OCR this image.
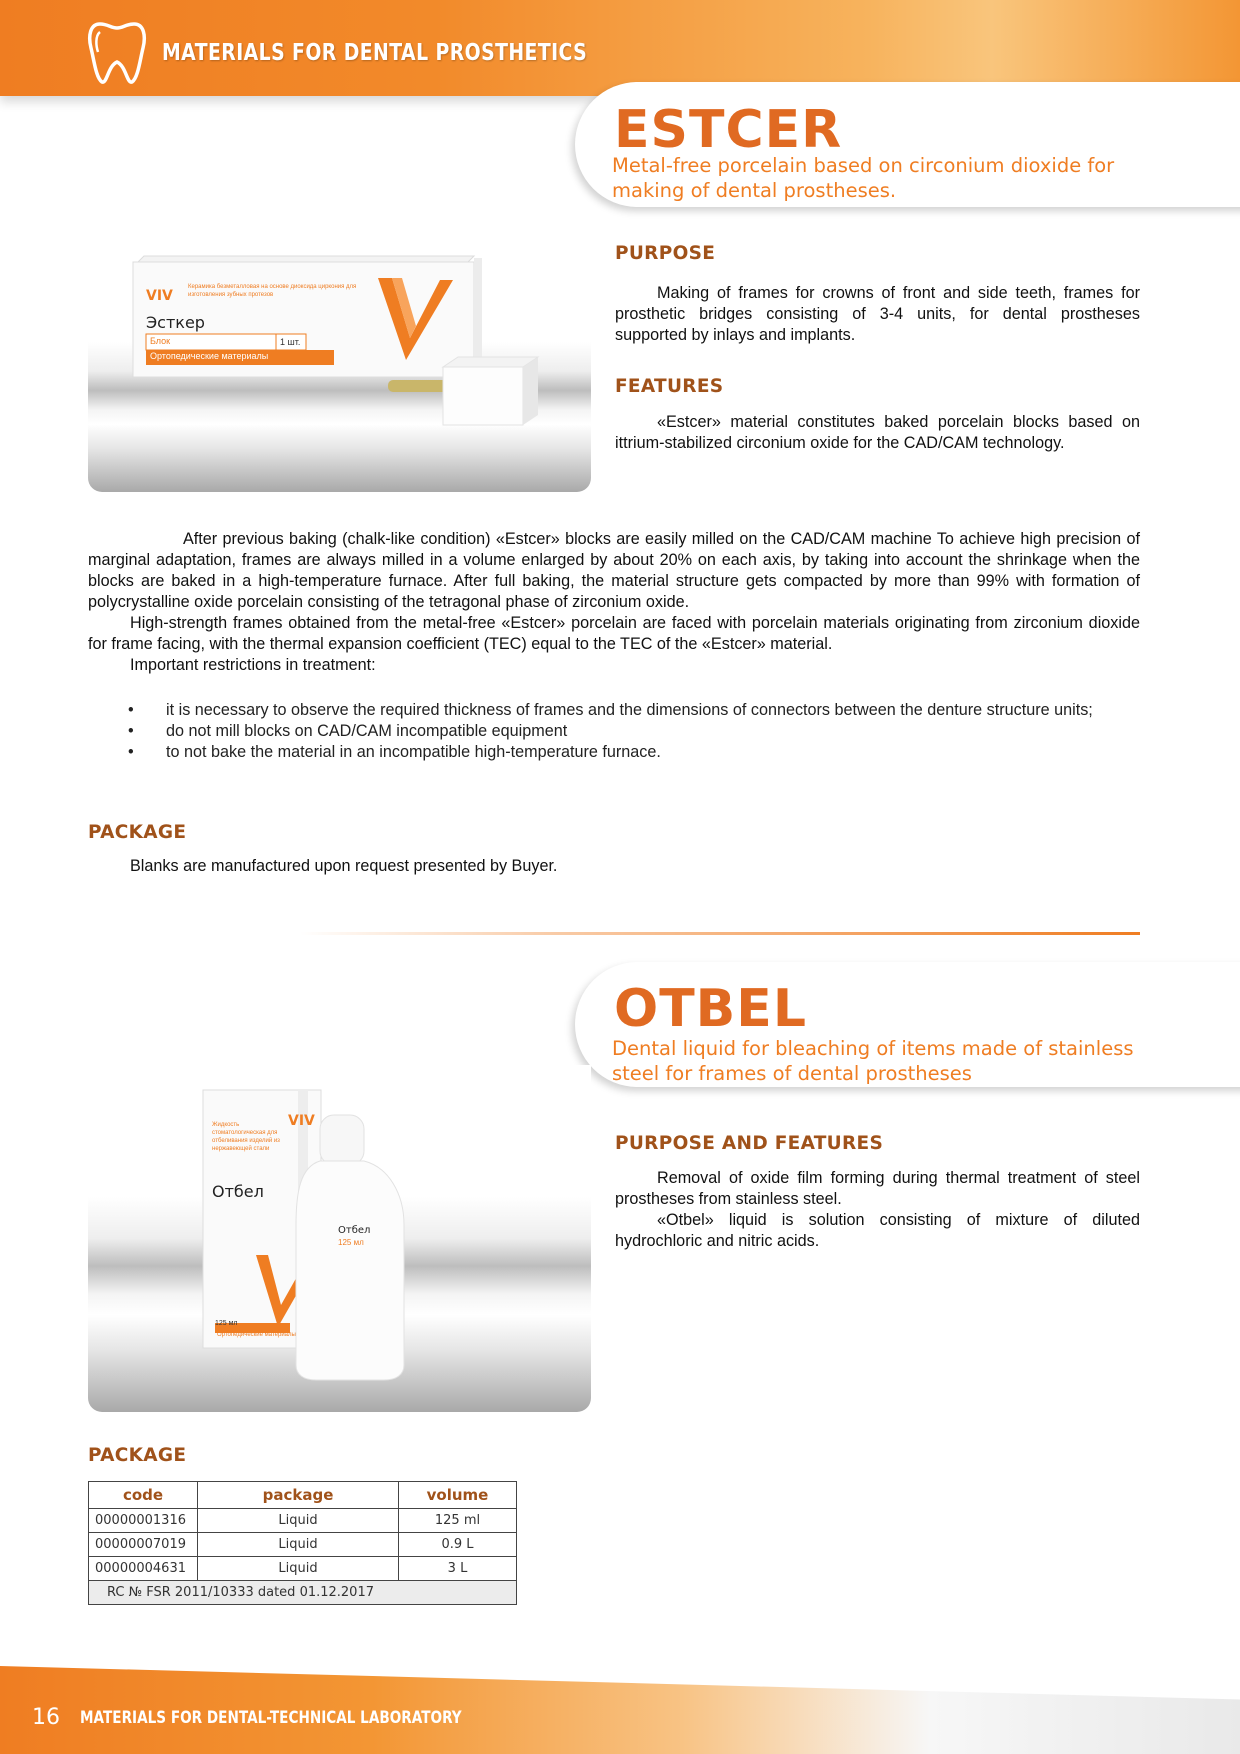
MATERIALS FOR DENTAL PROSTHETICS
ESTCER
Metal-free porcelain based on circonium dioxide for making of dental prostheses.
VIV
Керамика безметалловая на основе диоксида циркония для изготовления зубных протезов
Эсткер
Блок	1 шт.
Ортопедические материалы
PURPOSE

Making of frames for crowns of front and side teeth, frames for prosthetic bridges consisting of 3-4 units, for dental prostheses supported by inlays and implants.

FEATURES

«Estcer» material constitutes baked porcelain blocks based on ittrium-stabilized circonium oxide for the CAD/CAM technology.

After previous baking (chalk-like condition) «Estcer» blocks are easily milled on the CAD/CAM machine To achieve high precision of marginal adaptation, frames are always milled in a volume enlarged by about 20% on each axis, by taking into account the shrinkage when the blocks are baked in a high-temperature furnace. After full baking, the material structure gets compacted by more than 99% with formation of polycrystalline oxide porcelain consisting of the tetragonal phase of zirconium oxide.

High-strength frames obtained from the metal-free «Estcer» porcelain are faced with porcelain materials originating from zirconium dioxide for frame facing, with the thermal expansion coefficient (TEC) equal to the TEC of the «Estcer» material.

Important restrictions in treatment:

• it is necessary to observe the required thickness of frames and the dimensions of connectors between the denture structure units;
• do not mill blocks on CAD/CAM incompatible equipment
• to not bake the material in an incompatible high-temperature furnace.
PACKAGE

Blanks are manufactured upon request presented by Buyer.

OTBEL
Dental liquid for bleaching of items made of stainless steel for frames of dental prostheses
VIV
Жидкость стоматологическая для отбеливания изделий из нержавеющей стали
Отбел
125 мл
Ортопедические материалы
Отбел
125 мл
PURPOSE AND FEATURES

Removal of oxide film forming during thermal treatment of steel prostheses from stainless steel.

«Otbel» liquid is solution consisting of mixture of diluted hydrochloric and nitric acids.

PACKAGE
code	package	volume
00000001316	Liquid	125 ml
00000007019	Liquid	0.9 L
00000004631	Liquid	3 L
RC № FSR 2011/10333 dated 01.12.2017		
16 MATERIALS FOR DENTAL-TECHNICAL LABORATORY
